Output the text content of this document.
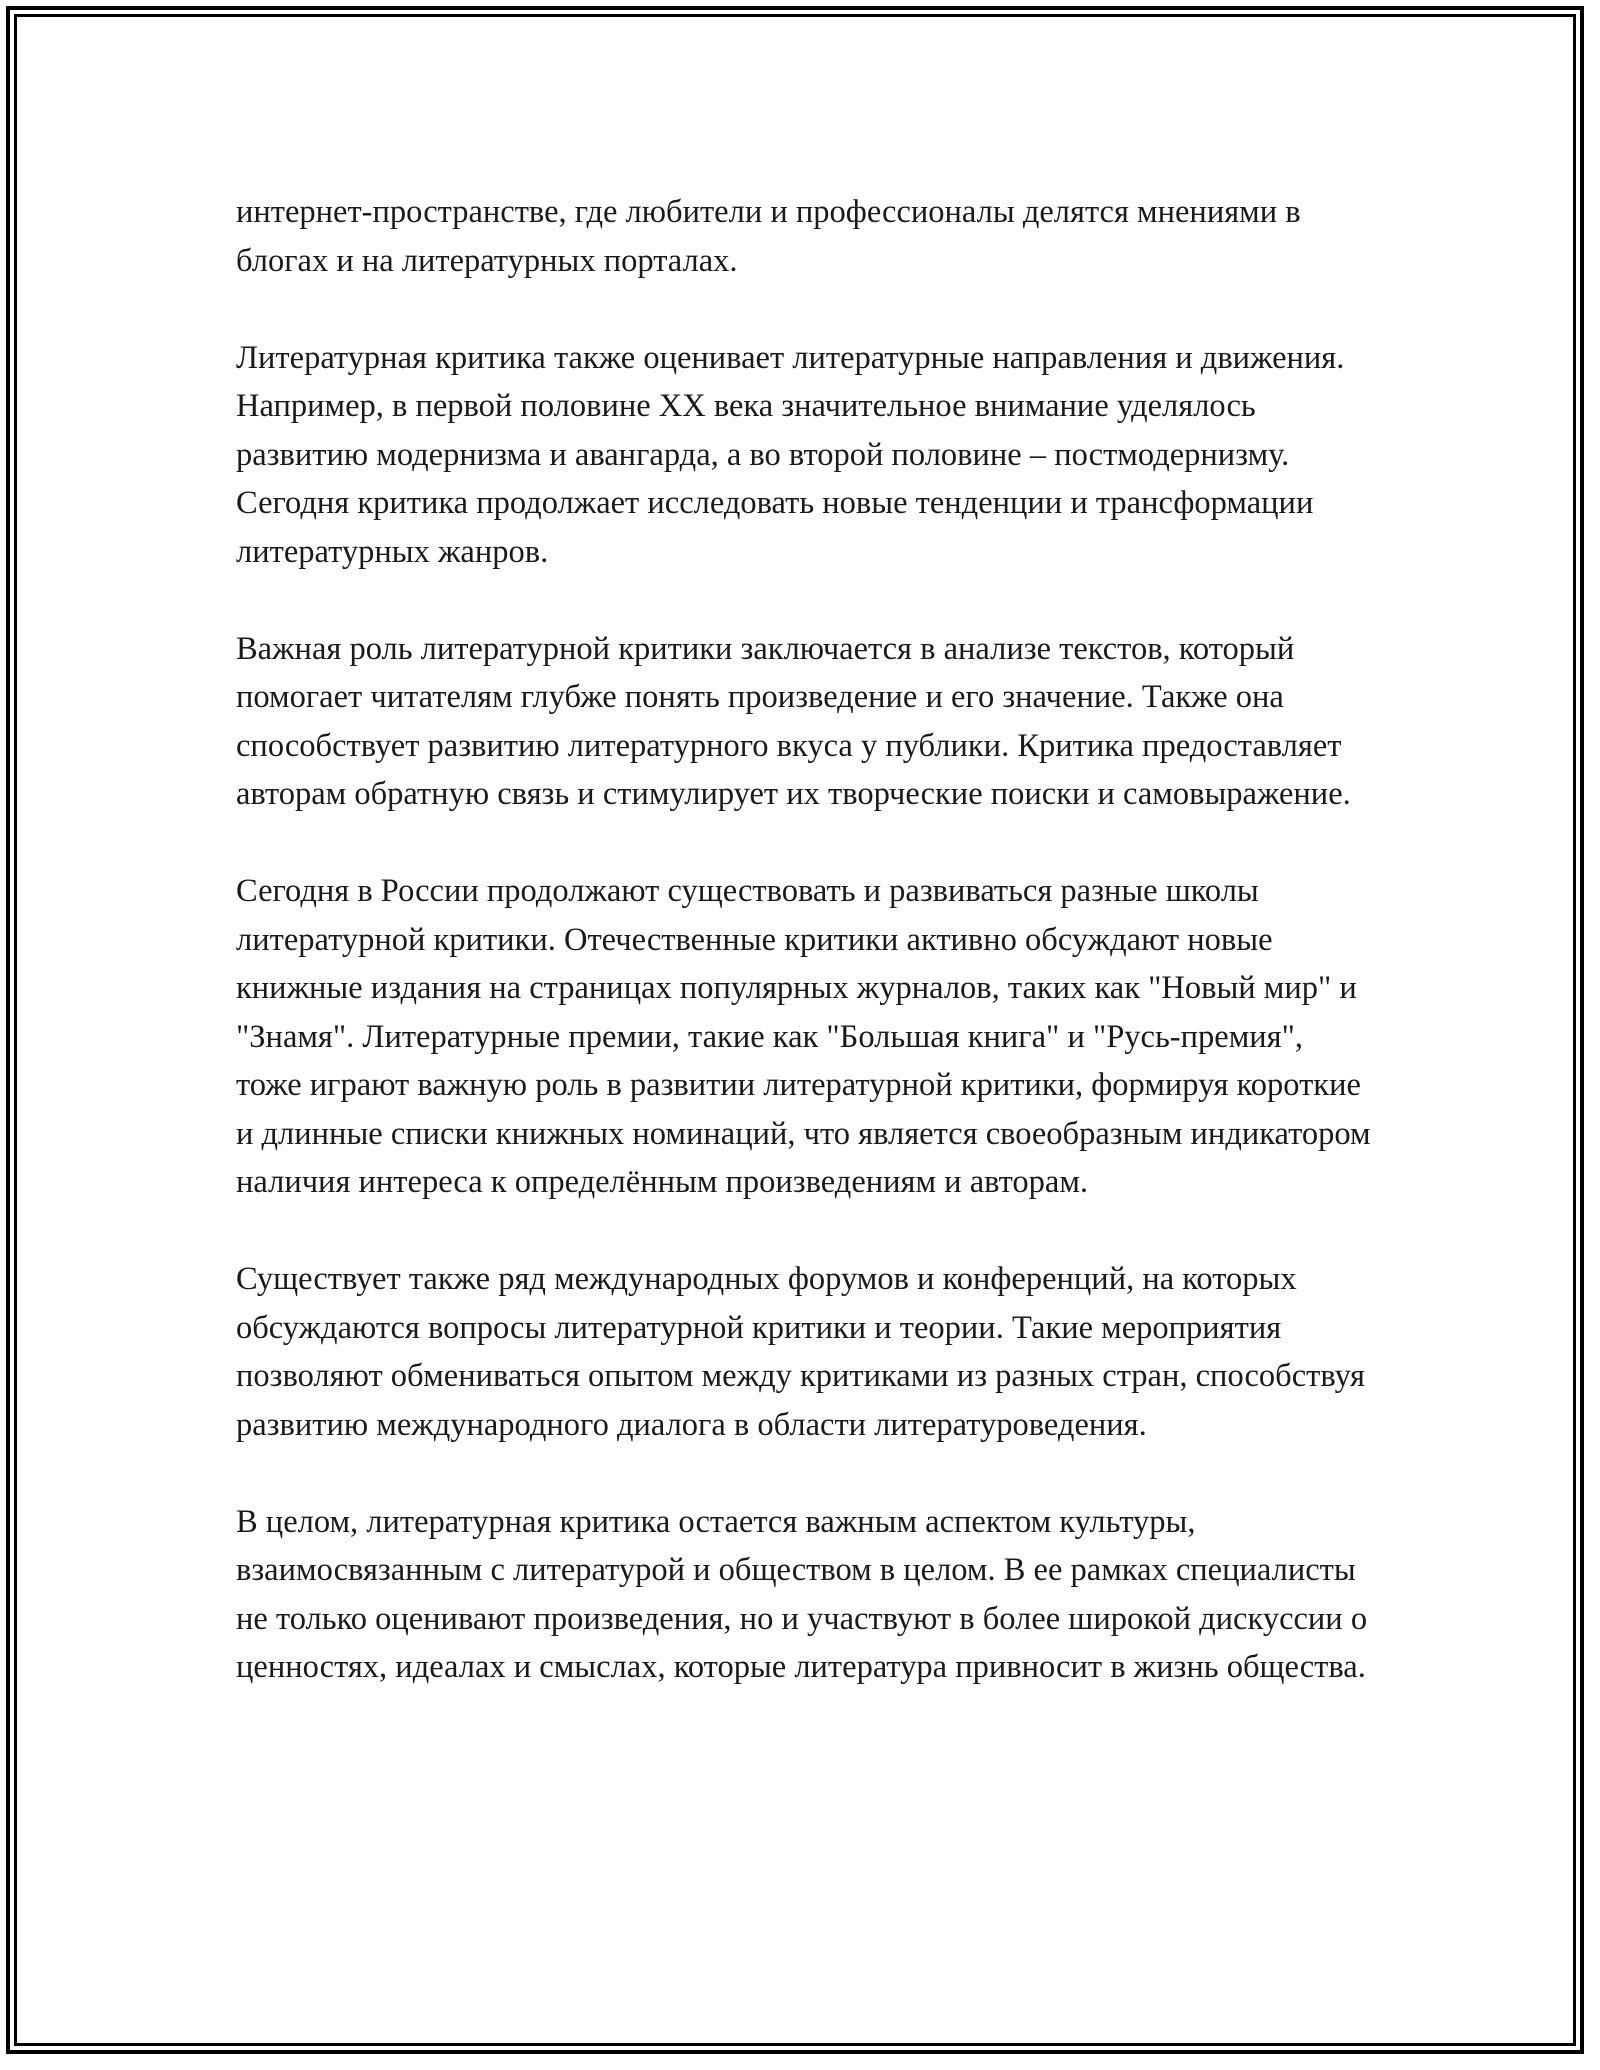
интернет-пространстве, где любители и профессионалы делятся мнениями в блогах и на литературных порталах.

Литературная критика также оценивает литературные направления и движения. Например, в первой половине XX века значительное внимание уделялось развитию модернизма и авангарда, а во второй половине – постмодернизму. Сегодня критика продолжает исследовать новые тенденции и трансформации литературных жанров.

Важная роль литературной критики заключается в анализе текстов, который помогает читателям глубже понять произведение и его значение. Также она способствует развитию литературного вкуса у публики. Критика предоставляет авторам обратную связь и стимулирует их творческие поиски и самовыражение.

Сегодня в России продолжают существовать и развиваться разные школы литературной критики. Отечественные критики активно обсуждают новые книжные издания на страницах популярных журналов, таких как "Новый мир" и "Знамя". Литературные премии, такие как "Большая книга" и "Русь-премия", тоже играют важную роль в развитии литературной критики, формируя короткие и длинные списки книжных номинаций, что является своеобразным индикатором наличия интереса к определённым произведениям и авторам.

Существует также ряд международных форумов и конференций, на которых обсуждаются вопросы литературной критики и теории. Такие мероприятия позволяют обмениваться опытом между критиками из разных стран, способствуя развитию международного диалога в области литературоведения.

В целом, литературная критика остается важным аспектом культуры, взаимосвязанным с литературой и обществом в целом. В ее рамках специалисты не только оценивают произведения, но и участвуют в более широкой дискуссии о ценностях, идеалах и смыслах, которые литература привносит в жизнь общества.
